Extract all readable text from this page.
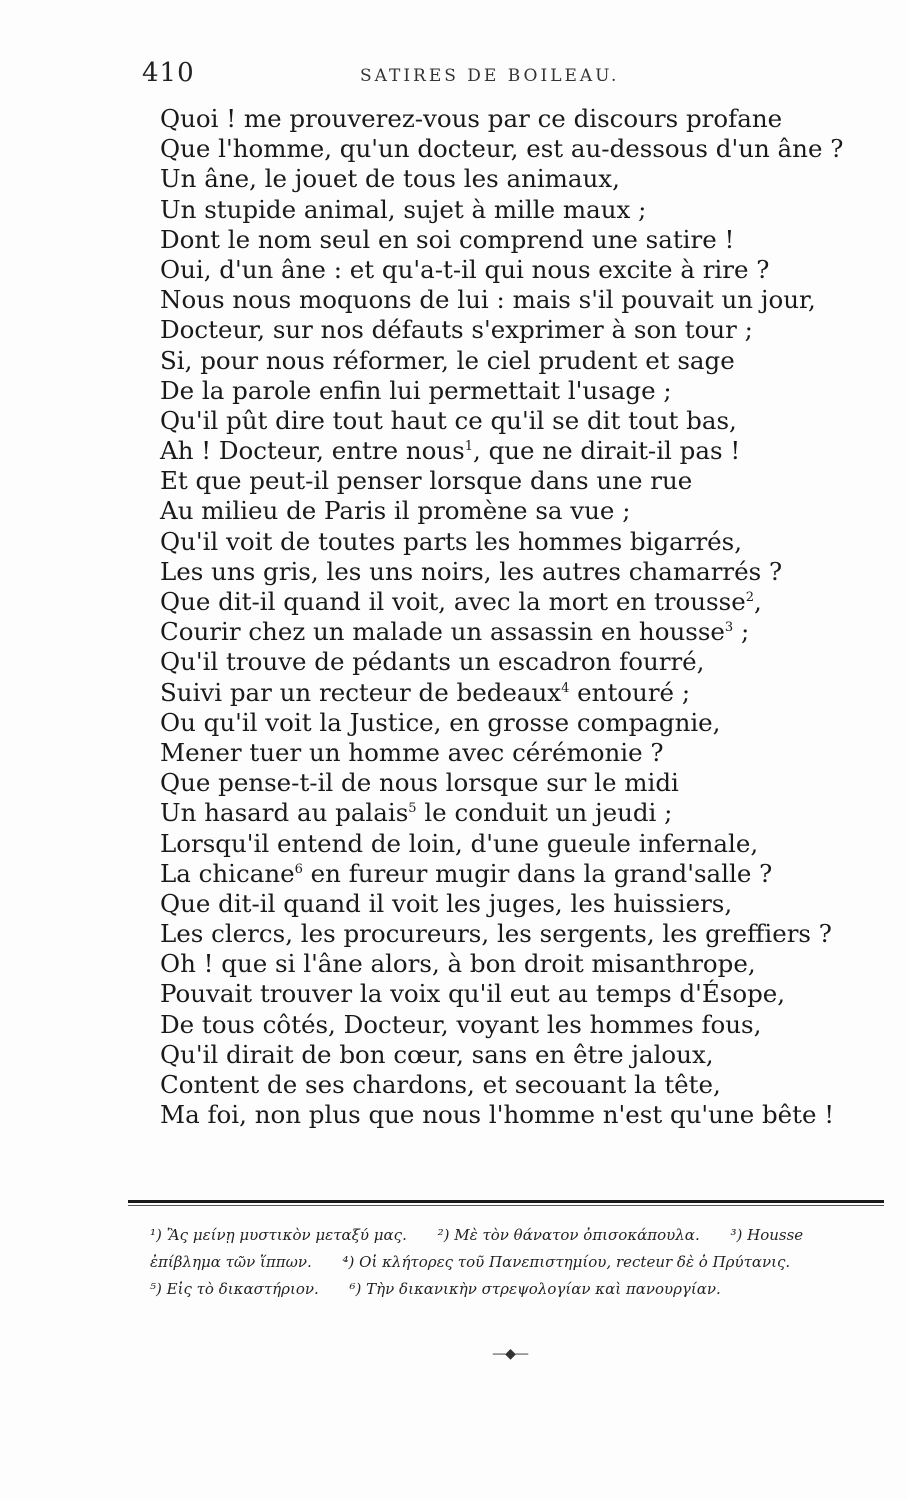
410	SATIRES DE BOILEAU.
Quoi ! me prouverez-vous par ce discours profane
Que l'homme, qu'un docteur, est au-dessous d'un âne ?
Un âne, le jouet de tous les animaux,
Un stupide animal, sujet à mille maux ;
Dont le nom seul en soi comprend une satire !
Oui, d'un âne : et qu'a-t-il qui nous excite à rire ?
Nous nous moquons de lui : mais s'il pouvait un jour,
Docteur, sur nos défauts s'exprimer à son tour ;
Si, pour nous réformer, le ciel prudent et sage
De la parole enfin lui permettait l'usage ;
Qu'il pût dire tout haut ce qu'il se dit tout bas,
Ah ! Docteur, entre nous$^1$, que ne dirait-il pas !
Et que peut-il penser lorsque dans une rue
Au milieu de Paris il promène sa vue ;
Qu'il voit de toutes parts les hommes bigarrés,
Les uns gris, les uns noirs, les autres chamarrés ?
Que dit-il quand il voit, avec la mort en trousse$^2$,
Courir chez un malade un assassin en housse$^3$ ;
Qu'il trouve de pédants un escadron fourré,
Suivi par un recteur de bedeaux$^4$ entouré ;
Ou qu'il voit la Justice, en grosse compagnie,
Mener tuer un homme avec cérémonie ?
Que pense-t-il de nous lorsque sur le midi
Un hasard au palais$^5$ le conduit un jeudi ;
Lorsqu'il entend de loin, d'une gueule infernale,
La chicane$^6$ en fureur mugir dans la grand'salle ?
Que dit-il quand il voit les juges, les huissiers,
Les clercs, les procureurs, les sergents, les greffiers ?
Oh ! que si l'âne alors, à bon droit misanthrope,
Pouvait trouver la voix qu'il eut au temps d'Ésope,
De tous côtés, Docteur, voyant les hommes fous,
Qu'il dirait de bon cœur, sans en être jaloux,
Content de ses chardons, et secouant la tête,
Ma foi, non plus que nous l'homme n'est qu'une bête !
¹) Ἂς μείνῃ μυστικὸν μεταξύ μας. ²) Μὲ τὸν θάνατον ὀπισοκάπουλα. ³) Housse
ἐπίβλημα τῶν ἵππων. ⁴) Οἱ κλήτορες τοῦ Πανεπιστημίου, recteur δὲ ὁ Πρύτανις.
⁵) Εἰς τὸ δικαστήριον. ⁶) Τὴν δικανικὴν στρεψολογίαν καὶ πανουργίαν.
—◆—
